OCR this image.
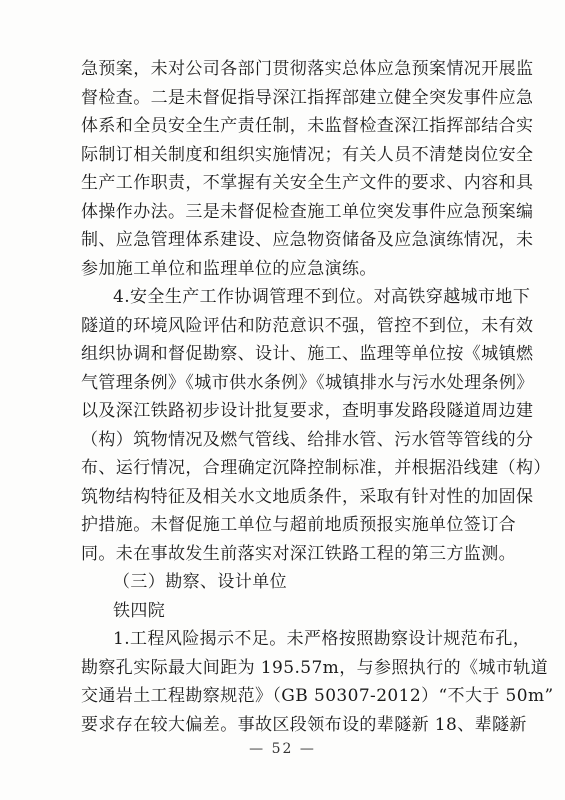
急预案，未对公司各部门贯彻落实总体应急预案情况开展监
督检查。二是未督促指导深江指挥部建立健全突发事件应急
体系和全员安全生产责任制，未监督检查深江指挥部结合实
际制订相关制度和组织实施情况；有关人员不清楚岗位安全
生产工作职责，不掌握有关安全生产文件的要求、内容和具
体操作办法。三是未督促检查施工单位突发事件应急预案编
制、应急管理体系建设、应急物资储备及应急演练情况，未
参加施工单位和监理单位的应急演练。
4.安全生产工作协调管理不到位。对高铁穿越城市地下
隧道的环境风险评估和防范意识不强，管控不到位，未有效
组织协调和督促勘察、设计、施工、监理等单位按《城镇燃
气管理条例》《城市供水条例》《城镇排水与污水处理条例》
以及深江铁路初步设计批复要求，查明事发路段隧道周边建
（构）筑物情况及燃气管线、给排水管、污水管等管线的分
布、运行情况，合理确定沉降控制标准，并根据沿线建（构）
筑物结构特征及相关水文地质条件，采取有针对性的加固保
护措施。未督促施工单位与超前地质预报实施单位签订合
同。未在事故发生前落实对深江铁路工程的第三方监测。
（三）勘察、设计单位
铁四院
1.工程风险揭示不足。未严格按照勘察设计规范布孔，
勘察孔实际最大间距为 195.57m，与参照执行的《城市轨道
交通岩土工程勘察规范》（GB 50307-2012）“不大于 50m”
要求存在较大偏差。事故区段领布设的辈隧新 18、辈隧新
— 52 —
